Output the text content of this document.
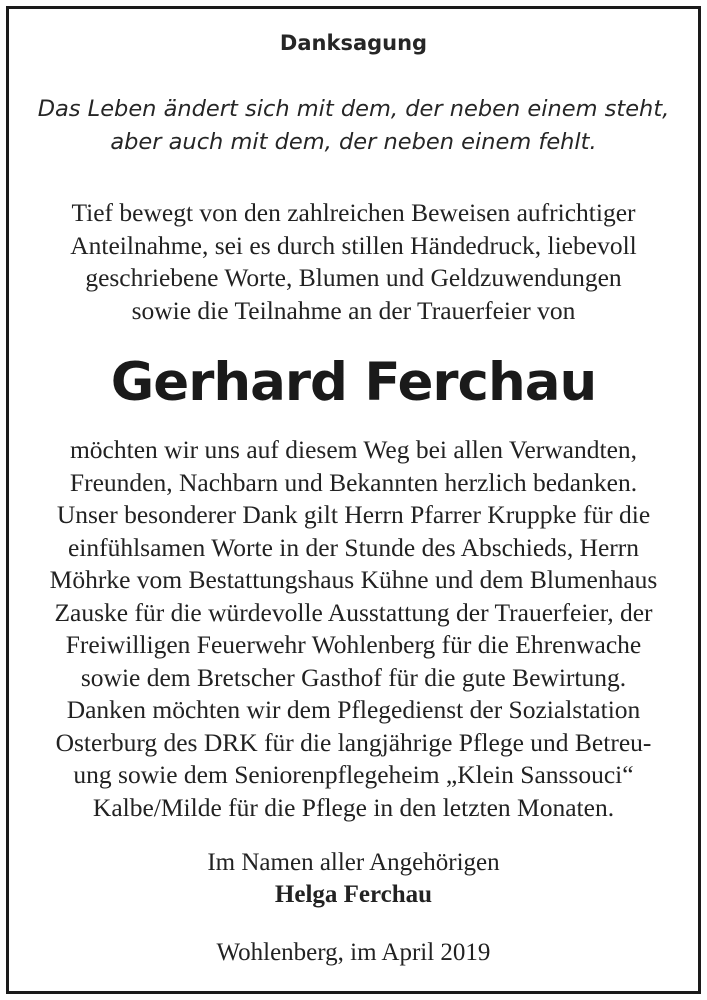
Danksagung
Das Leben ändert sich mit dem, der neben einem steht,
aber auch mit dem, der neben einem fehlt.
Tief bewegt von den zahlreichen Beweisen aufrichtiger
Anteilnahme, sei es durch stillen Händedruck, liebevoll
geschriebene Worte, Blumen und Geldzuwendungen
sowie die Teilnahme an der Trauerfeier von
Gerhard Ferchau
möchten wir uns auf diesem Weg bei allen Verwandten,
Freunden, Nachbarn und Bekannten herzlich bedanken.
Unser besonderer Dank gilt Herrn Pfarrer Kruppke für die
einfühlsamen Worte in der Stunde des Abschieds, Herrn
Möhrke vom Bestattungshaus Kühne und dem Blumenhaus
Zauske für die würdevolle Ausstattung der Trauerfeier, der
Freiwilligen Feuerwehr Wohlenberg für die Ehrenwache
sowie dem Bretscher Gasthof für die gute Bewirtung.
Danken möchten wir dem Pflegedienst der Sozialstation
Osterburg des DRK für die langjährige Pflege und Betreu-
ung sowie dem Seniorenpflegeheim „Klein Sanssouci“
Kalbe/Milde für die Pflege in den letzten Monaten.
Im Namen aller Angehörigen
Helga Ferchau
Wohlenberg, im April 2019
